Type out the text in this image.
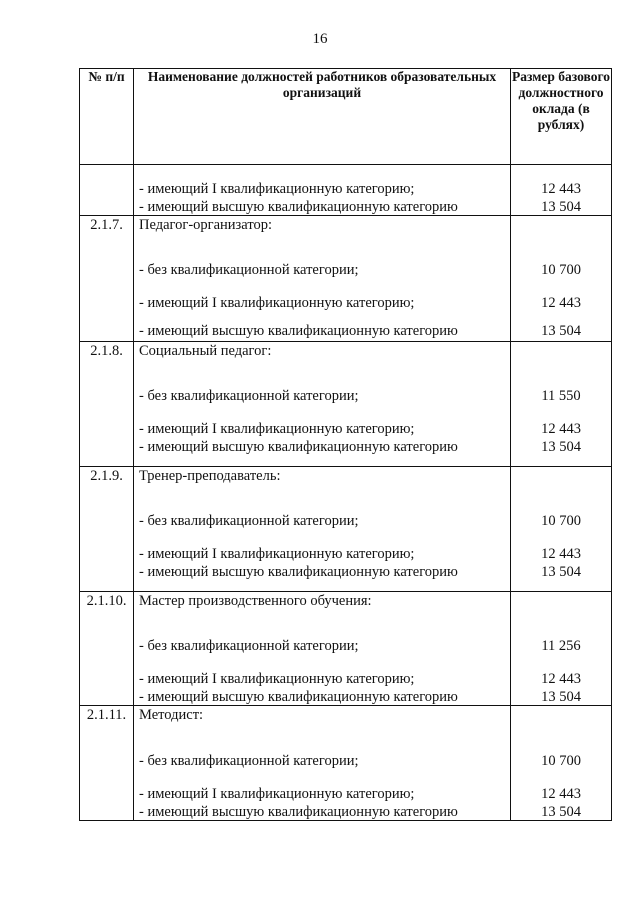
16
№ п/п	Наименование должностей работников образовательных организаций	Размер базового должностного оклада (в рублях)
	- имеющий I квалификационную категорию;	12 443
	- имеющий высшую квалификационную категорию	13 504
2.1.7.	Педагог-организатор:	
	- без квалификационной категории;	10 700
	- имеющий I квалификационную категорию;	12 443
	- имеющий высшую квалификационную категорию	13 504
2.1.8.	Социальный педагог:	
	- без квалификационной категории;	11 550
	- имеющий I квалификационную категорию;	12 443
	- имеющий высшую квалификационную категорию	13 504
2.1.9.	Тренер-преподаватель:	
	- без квалификационной категории;	10 700
	- имеющий I квалификационную категорию;	12 443
	- имеющий высшую квалификационную категорию	13 504
2.1.10.	Мастер производственного обучения:	
	- без квалификационной категории;	11 256
	- имеющий I квалификационную категорию;	12 443
	- имеющий высшую квалификационную категорию	13 504
2.1.11.	Методист:	
	- без квалификационной категории;	10 700
	- имеющий I квалификационную категорию;	12 443
	- имеющий высшую квалификационную категорию	13 504
